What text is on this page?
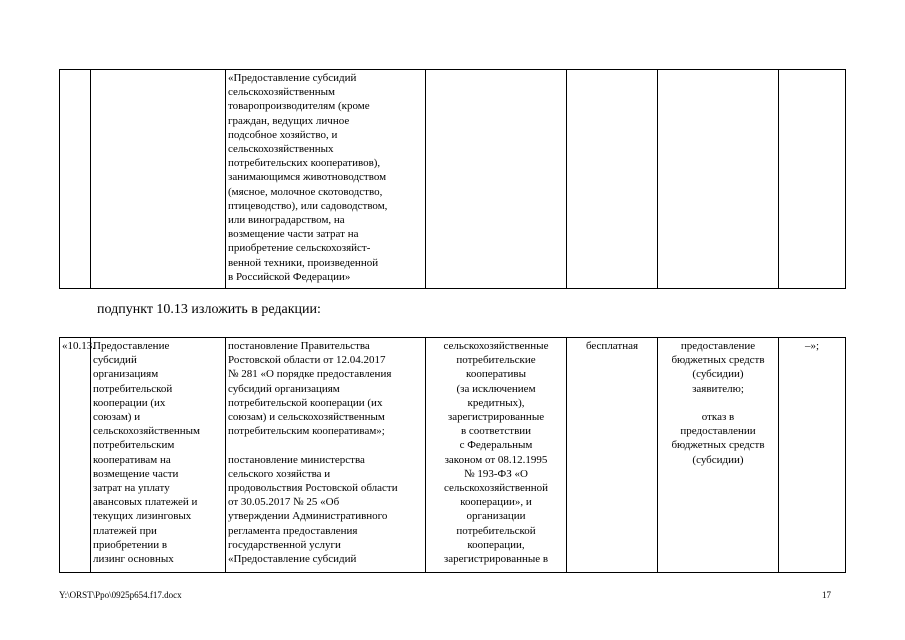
		«Предоставление субсидий
сельскохозяйственным
товаропроизводителям (кроме
граждан, ведущих личное
подсобное хозяйство, и
сельскохозяйственных
потребительских кооперативов),
занимающимся животноводством
(мясное, молочное скотоводство,
птицеводство), или садоводством,
или виноградарством, на
возмещение части затрат на
приобретение сельскохозяйст-
венной техники, произведенной
в Российской Федерации»				
подпункт 10.13 изложить в редакции:
«10.13.	Предоставление
субсидий
организациям
потребительской
кооперации (их
союзам) и
сельскохозяйственным
потребительским
кооперативам на
возмещение части
затрат на уплату
авансовых платежей и
текущих лизинговых
платежей при
приобретении в
лизинг основных	постановление Правительства
Ростовской области от 12.04.2017
№ 281 «О порядке предоставления
субсидий организациям
потребительской кооперации (их
союзам) и сельскохозяйственным
потребительским кооперативам»;

постановление министерства
сельского хозяйства и
продовольствия Ростовской области
от 30.05.2017 № 25 «Об
утверждении Административного
регламента предоставления
государственной услуги
«Предоставление субсидий	сельскохозяйственные
потребительские
кооперативы
(за исключением
кредитных),
зарегистрированные
в соответствии
с Федеральным
законом от 08.12.1995
№ 193-ФЗ «О
сельскохозяйственной
кооперации», и
организации
потребительской
кооперации,
зарегистрированные в	бесплатная	предоставление
бюджетных средств
(субсидии)
заявителю;

отказ в
предоставлении
бюджетных средств
(субсидии)	–»;
Y:\ORST\Ppo\0925p654.f17.docx	17
